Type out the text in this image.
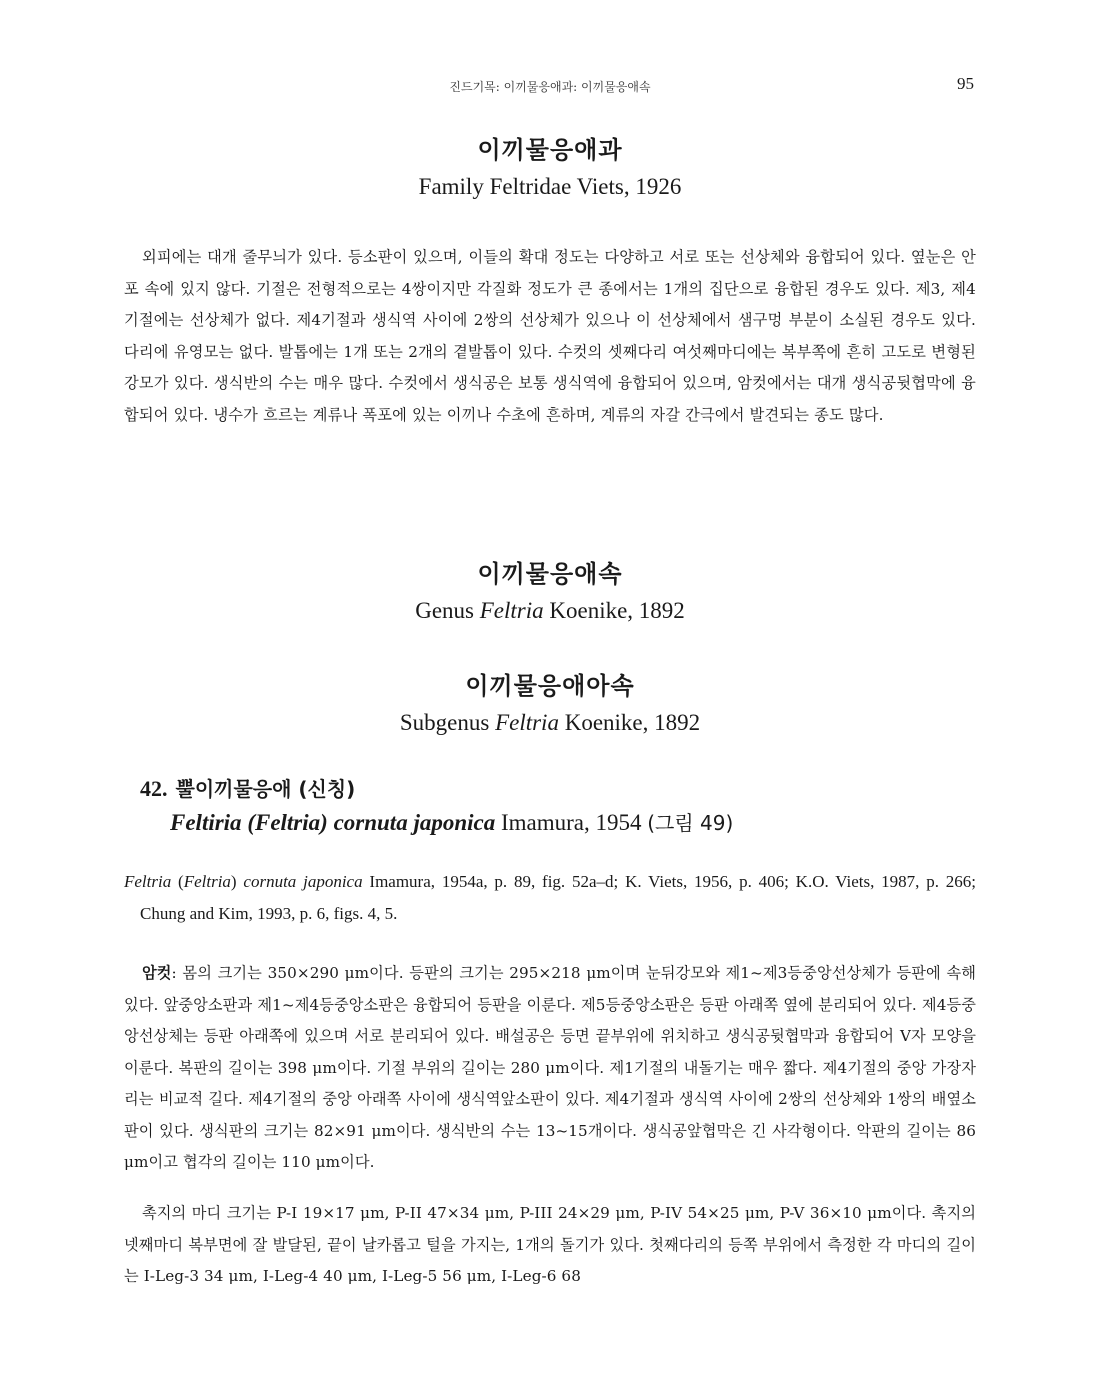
진드기목: 이끼물응애과: 이끼물응애속	95
이끼물응애과
Family Feltridae Viets, 1926

외피에는 대개 줄무늬가 있다. 등소판이 있으며, 이들의 확대 정도는 다양하고 서로 또는 선상체와 융합되어 있다. 옆눈은 안포 속에 있지 않다. 기절은 전형적으로는 4쌍이지만 각질화 정도가 큰 종에서는 1개의 집단으로 융합된 경우도 있다. 제3, 제4기절에는 선상체가 없다. 제4기절과 생식역 사이에 2쌍의 선상체가 있으나 이 선상체에서 샘구멍 부분이 소실된 경우도 있다. 다리에 유영모는 없다. 발톱에는 1개 또는 2개의 곁발톱이 있다. 수컷의 셋째다리 여섯째마디에는 복부쪽에 흔히 고도로 변형된 강모가 있다. 생식반의 수는 매우 많다. 수컷에서 생식공은 보통 생식역에 융합되어 있으며, 암컷에서는 대개 생식공뒷협막에 융합되어 있다. 냉수가 흐르는 계류나 폭포에 있는 이끼나 수초에 흔하며, 계류의 자갈 간극에서 발견되는 종도 많다.

이끼물응애속
Genus Feltria Koenike, 1892
이끼물응애아속
Subgenus Feltria Koenike, 1892
42. 뿔이끼물응애 (신칭)
Feltiria (Feltria) cornuta japonica Imamura, 1954 (그림 49)
Feltria (Feltria) cornuta japonica Imamura, 1954a, p. 89, fig. 52a–d; K. Viets, 1956, p. 406; K.O. Viets, 1987, p. 266; Chung and Kim, 1993, p. 6, figs. 4, 5.

암컷: 몸의 크기는 350×290 μm이다. 등판의 크기는 295×218 μm이며 눈뒤강모와 제1~제3등중앙선상체가 등판에 속해 있다. 앞중앙소판과 제1~제4등중앙소판은 융합되어 등판을 이룬다. 제5등중앙소판은 등판 아래쪽 옆에 분리되어 있다. 제4등중앙선상체는 등판 아래쪽에 있으며 서로 분리되어 있다. 배설공은 등면 끝부위에 위치하고 생식공뒷협막과 융합되어 V자 모양을 이룬다. 복판의 길이는 398 μm이다. 기절 부위의 길이는 280 μm이다. 제1기절의 내돌기는 매우 짧다. 제4기절의 중앙 가장자리는 비교적 길다. 제4기절의 중앙 아래쪽 사이에 생식역앞소판이 있다. 제4기절과 생식역 사이에 2쌍의 선상체와 1쌍의 배옆소판이 있다. 생식판의 크기는 82×91 μm이다. 생식반의 수는 13~15개이다. 생식공앞협막은 긴 사각형이다. 악판의 길이는 86 μm이고 협각의 길이는 110 μm이다.

촉지의 마디 크기는 P-I 19×17 μm, P-II 47×34 μm, P-III 24×29 μm, P-IV 54×25 μm, P-V 36×10 μm이다. 촉지의 넷째마디 복부면에 잘 발달된, 끝이 날카롭고 털을 가지는, 1개의 돌기가 있다. 첫째다리의 등쪽 부위에서 측정한 각 마디의 길이는 I-Leg-3 34 μm, I-Leg-4 40 μm, I-Leg-5 56 μm, I-Leg-6 68
